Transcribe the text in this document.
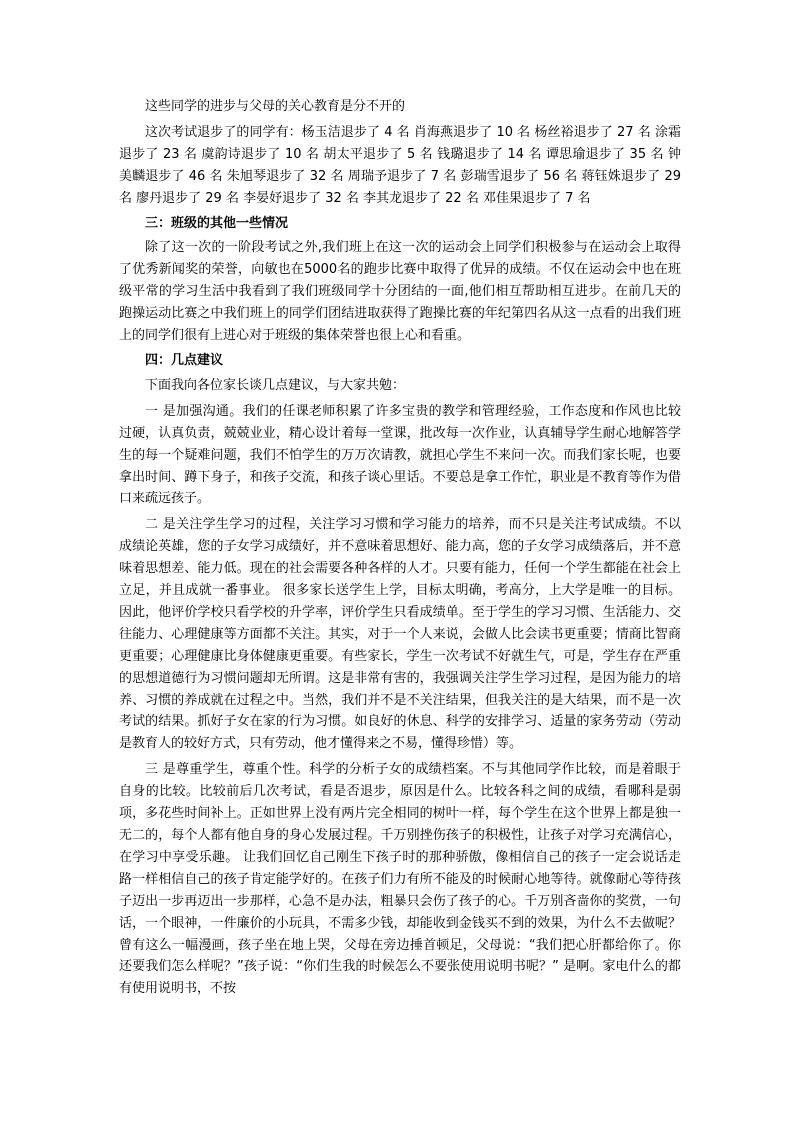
这些同学的进步与父母的关心教育是分不开的

这次考试退步了的同学有：杨玉洁退步了 4 名 肖海燕退步了 10 名 杨丝裕退步了 27 名 涂霜退步了 23 名 虞韵诗退步了 10 名 胡太平退步了 5 名 钱璐退步了 14 名 谭思瑜退步了 35 名 钟美麟退步了 46 名 朱旭琴退步了 32 名 周瑞予退步了 7 名 彭瑞雪退步了 56 名 蒋钰姝退步了 29 名 廖丹退步了 29 名 李晏妤退步了 32 名 李其龙退步了 22 名 邓佳果退步了 7 名

三：班级的其他一些情况

除了这一次的一阶段考试之外,我们班上在这一次的运动会上同学们积极参与在运动会上取得了优秀新闻奖的荣誉，向敏也在5000名的跑步比赛中取得了优异的成绩。不仅在运动会中也在班级平常的学习生活中我看到了我们班级同学十分团结的一面,他们相互帮助相互进步。在前几天的跑操运动比赛之中我们班上的同学们团结进取获得了跑操比赛的年纪第四名从这一点看的出我们班上的同学们很有上进心对于班级的集体荣誉也很上心和看重。

四：几点建议

下面我向各位家长谈几点建议，与大家共勉：

一 是加强沟通。我们的任课老师积累了许多宝贵的教学和管理经验，工作态度和作风也比较过硬，认真负责，兢兢业业，精心设计着每一堂课，批改每一次作业，认真辅导学生耐心地解答学生的每一个疑难问题，我们不怕学生的万万次请教，就担心学生不来问一次。而我们家长呢，也要拿出时间、蹲下身子，和孩子交流，和孩子谈心里话。不要总是拿工作忙，职业是不教育等作为借口来疏远孩子。

二 是关注学生学习的过程，关注学习习惯和学习能力的培养，而不只是关注考试成绩。不以成绩论英雄，您的子女学习成绩好，并不意味着思想好、能力高，您的子女学习成绩落后，并不意味着思想差、能力低。现在的社会需要各种各样的人才。只要有能力，任何一个学生都能在社会上立足，并且成就一番事业。 很多家长送学生上学，目标太明确，考高分，上大学是唯一的目标。因此，他评价学校只看学校的升学率，评价学生只看成绩单。至于学生的学习习惯、生活能力、交往能力、心理健康等方面都不关注。其实，对于一个人来说，会做人比会读书更重要；情商比智商更重要；心理健康比身体健康更重要。有些家长，学生一次考试不好就生气，可是，学生存在严重的思想道德行为习惯问题却无所谓。这是非常有害的，我强调关注学生学习过程，是因为能力的培养、习惯的养成就在过程之中。当然，我们并不是不关注结果，但我关注的是大结果，而不是一次考试的结果。抓好子女在家的行为习惯。如良好的休息、科学的安排学习、适量的家务劳动（劳动是教育人的较好方式，只有劳动，他才懂得来之不易，懂得珍惜）等。

三 是尊重学生，尊重个性。科学的分析子女的成绩档案。不与其他同学作比较，而是着眼于自身的比较。比较前后几次考试，看是否退步，原因是什么。比较各科之间的成绩，看哪科是弱项，多花些时间补上。正如世界上没有两片完全相同的树叶一样，每个学生在这个世界上都是独一无二的，每个人都有他自身的身心发展过程。千万别挫伤孩子的积极性，让孩子对学习充满信心，在学习中享受乐趣。 让我们回忆自己刚生下孩子时的那种骄傲，像相信自己的孩子一定会说话走路一样相信自己的孩子肯定能学好的。在孩子们力有所不能及的时候耐心地等待。就像耐心等待孩子迈出一步再迈出一步那样，心急不是办法，粗暴只会伤了孩子的心。千万别吝啬你的奖赏，一句话，一个眼神，一件廉价的小玩具，不需多少钱，却能收到金钱买不到的效果，为什么不去做呢？ 曾有这么一幅漫画，孩子坐在地上哭，父母在旁边捶首顿足，父母说：“我们把心肝都给你了。你还要我们怎么样呢？”孩子说：“你们生我的时候怎么不要张使用说明书呢？” 是啊。家电什么的都有使用说明书，不按
